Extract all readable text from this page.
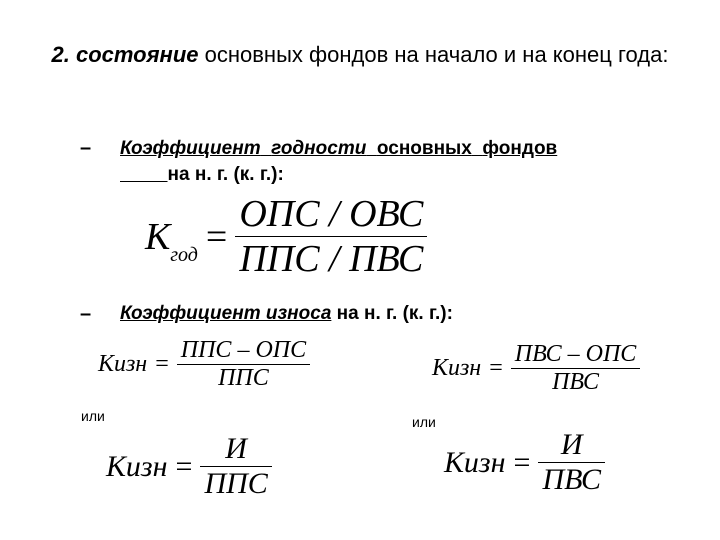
2. состояние основных фондов на начало и на конец года:
– Коэффициент годности основных фондов
на н. г. (к. г.):
$К_{год} = \frac{\text{ОПС / ОВС}}{\text{ППС / ПВС}}$
– Коэффициент износа на н. г. (к. г.):
Кизн = $\frac{\text{ППС – ОПС}}{\text{ППС}}$	Кизн = $\frac{\text{ПВС – ОПС}}{\text{ПВС}}$
или	или
Кизн = $\frac{И}{\text{ППС}}$	Кизн = $\frac{И}{\text{ПВС}}$
